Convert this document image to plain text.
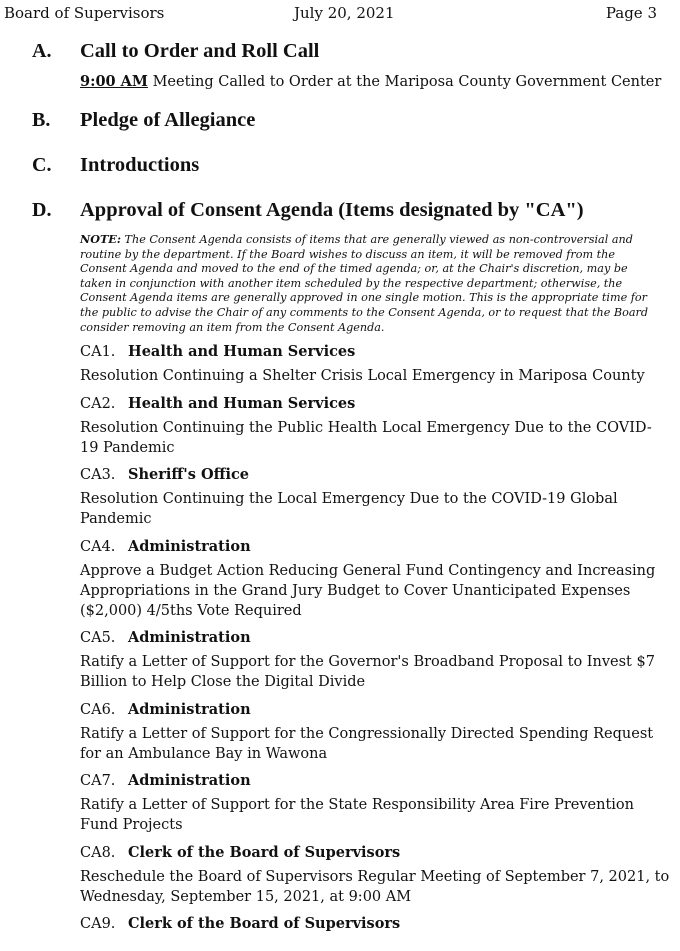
Board of Supervisors	July 20, 2021	Page 3
A. Call to Order and Roll Call
9:00 AM Meeting Called to Order at the Mariposa County Government Center
B. Pledge of Allegiance
C. Introductions
D. Approval of Consent Agenda (Items designated by "CA")
NOTE: The Consent Agenda consists of items that are generally viewed as non-controversial and routine by the department. If the Board wishes to discuss an item, it will be removed from the Consent Agenda and moved to the end of the timed agenda; or, at the Chair's discretion, may be taken in conjunction with another item scheduled by the respective department; otherwise, the Consent Agenda items are generally approved in one single motion. This is the appropriate time for the public to advise the Chair of any comments to the Consent Agenda, or to request that the Board consider removing an item from the Consent Agenda.
CA1. Health and Human Services
Resolution Continuing a Shelter Crisis Local Emergency in Mariposa County
CA2. Health and Human Services
Resolution Continuing the Public Health Local Emergency Due to the COVID-19 Pandemic
CA3. Sheriff's Office
Resolution Continuing the Local Emergency Due to the COVID-19 Global Pandemic
CA4. Administration
Approve a Budget Action Reducing General Fund Contingency and Increasing Appropriations in the Grand Jury Budget to Cover Unanticipated Expenses ($2,000) 4/5ths Vote Required
CA5. Administration
Ratify a Letter of Support for the Governor's Broadband Proposal to Invest $7 Billion to Help Close the Digital Divide
CA6. Administration
Ratify a Letter of Support for the Congressionally Directed Spending Request for an Ambulance Bay in Wawona
CA7. Administration
Ratify a Letter of Support for the State Responsibility Area Fire Prevention Fund Projects
CA8. Clerk of the Board of Supervisors
Reschedule the Board of Supervisors Regular Meeting of September 7, 2021, to Wednesday, September 15, 2021, at 9:00 AM
CA9. Clerk of the Board of Supervisors
